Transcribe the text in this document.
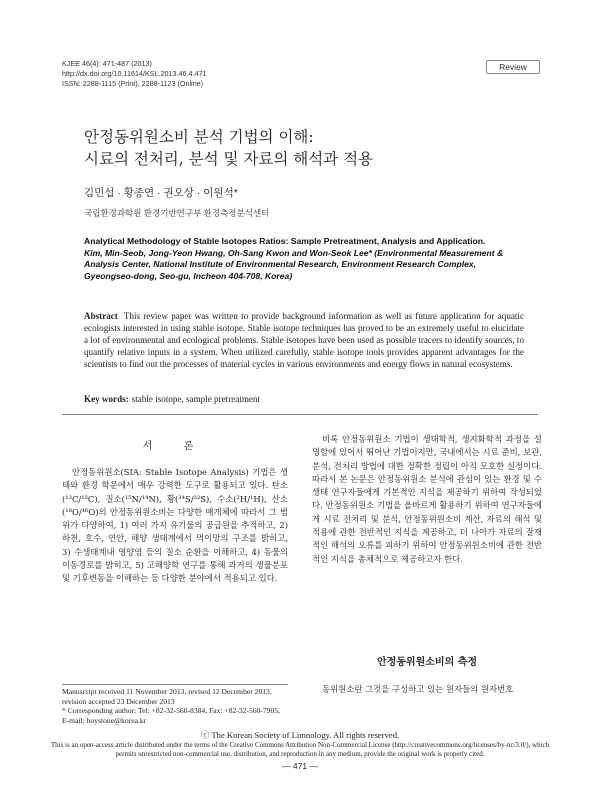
KJEE 46(4): 471-487 (2013)
http://dx.doi.org/10.11614/KSL.2013.46.4.471
ISSN: 2288-1115 (Print), 2288-1123 (Online)
Review
안정동위원소비 분석 기법의 이해:
시료의 전처리, 분석 및 자료의 해석과 적용
김민섭 · 황종연 · 권오상 · 이원석*
국립환경과학원 환경기반연구부 환경측정분석센터
Analytical Methodology of Stable Isotopes Ratios: Sample Pretreatment, Analysis and Application.
Kim, Min-Seob, Jong-Yeon Hwang, Oh-Sang Kwon and Won-Seok Lee* (Environmental Measurement & Analysis Center, National Institute of Environmental Research, Environment Research Complex, Gyeongseo-dong, Seo-gu, Incheon 404-708, Korea)
Abstract This review paper was written to provide background information as well as future application for aquatic ecologists interested in using stable isotope. Stable isotope techniques has proved to be an extremely useful to elucidate a lot of environmental and ecological problems. Stable isotopes have been used as possible tracers to identify sources, to quantify relative inputs in a system. When utilized carefully, stable isotope tools provides apparent advantages for the scientists to find out the processes of material cycles in various environments and energy flows in natural ecosystems.
Key words: stable isotope, sample pretreatment
서 론

안정동위원소(SIA: Stable Isotope Analysis) 기법은 생태와 환경 학문에서 매우 강력한 도구로 활용되고 있다. 탄소(¹³C/¹²C), 질소(¹⁵N/¹⁴N), 황(³⁴S/³²S), 수소(²H/¹H), 산소(¹⁸O/¹⁶O)의 안정동위원소비는 다양한 매개체에 따라서 그 범위가 다양하여, 1) 여러 가지 유기물의 공급원을 추적하고, 2) 하천, 호수, 연안, 해양 생태계에서 먹이망의 구조를 밝히고, 3) 수생태계내 영양염 등의 질소 순환을 이해하고, 4) 동물의 이동경로를 밝히고, 5) 고해양학 연구를 통해 과거의 생물분포 및 기후변동을 이해하는 등 다양한 분야에서 적용되고 있다.

비록 안정동위원소 기법이 생태학적, 생지화학적 과정을 설명함에 있어서 뛰어난 기법이지만, 국내에서는 시료 준비, 보관, 분석, 전처리 방법에 대한 정확한 정립이 아직 모호한 실정이다. 따라서 본 논문은 안정동위원소 분석에 관심이 있는 환경 및 수생태 연구자들에게 기본적인 지식을 제공하기 위하여 작성되었다. 안정동위원소 기법을 올바르게 활용하기 위하여 연구자들에게 시료 전처리 및 분석, 안정동위원소비 계산, 자료의 해석 및 적용에 관한 전반적인 지식을 제공하고, 더 나아가 자료의 잘재적인 해석의 오류를 피하기 위하여 안정동위원소비에 관한 전반적인 지식을 총체적으로 제공하고자 한다.

안정동위원소비의 측정

동위원소란 그것을 구성하고 있는 원자들의 원자번호

Manuscript received 11 November 2013, revised 12 December 2013, revision accepted 23 December 2013
* Corresponding author: Tel: +82-32-560-8384, Fax: +82-32-560-7905, E-mail: boystone@korea.kr
ⓒ The Korean Society of Limnology. All rights reserved.
This is an open-access article distributed under the terms of the Creative Commons Attribution Non-Commercial License (http://creativecommons.org/licenses/by-nc/3.0/), which permits unrestricted non-commercial use, distribution, and reproduction in any medium, provide the original work is properly cited.
— 471 —
